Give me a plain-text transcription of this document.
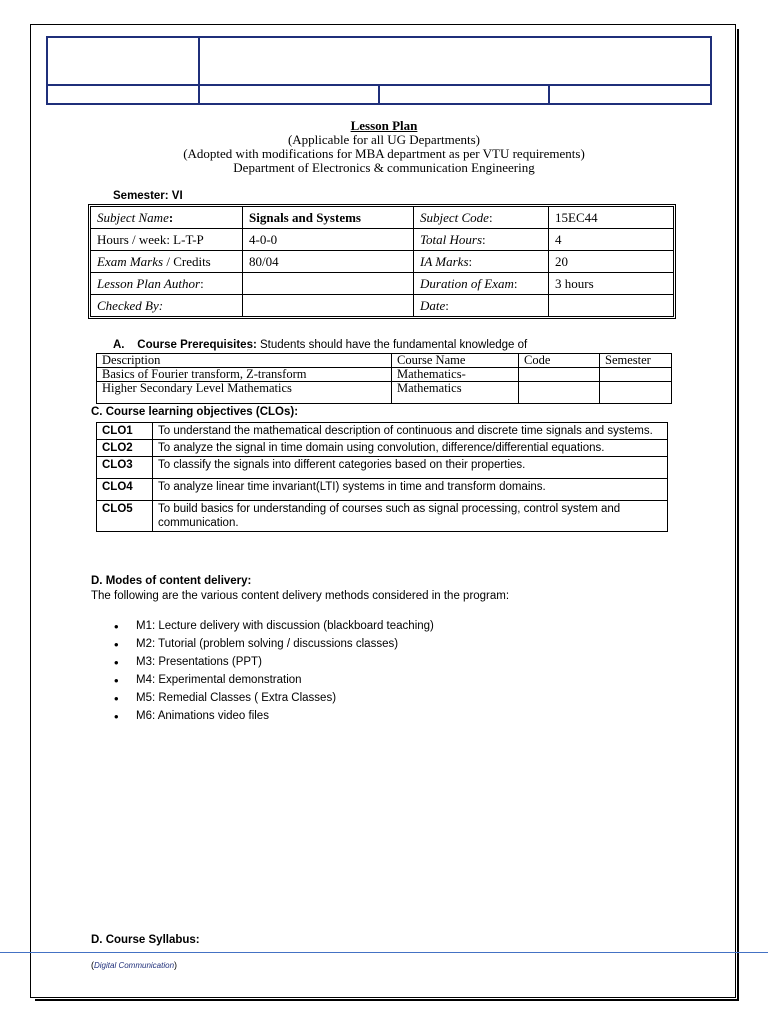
Lesson Plan
(Applicable for all UG Departments)
(Adopted with modifications for MBA department as per VTU requirements)
Department of Electronics & communication Engineering
Semester: VI
Subject Name:	Signals and Systems	Subject Code:	15EC44
Hours / week: L-T-P	4-0-0	Total Hours:	4
Exam Marks / Credits	80/04	IA Marks:	20
Lesson Plan Author:		Duration of Exam:	3 hours
Checked By:		Date:	
A. Course Prerequisites: Students should have the fundamental knowledge of
Description	Course Name	Code	Semester
Basics of Fourier transform, Z-transform	Mathematics-		
Higher Secondary Level Mathematics	Mathematics		
C. Course learning objectives (CLOs):
CLO1	To understand the mathematical description of continuous and discrete time signals and systems.
CLO2	To analyze the signal in time domain using convolution, difference/differential equations.
CLO3	To classify the signals into different categories based on their properties.
CLO4	To analyze linear time invariant(LTI) systems in time and transform domains.
CLO5	To build basics for understanding of courses such as signal processing, control system and communication.
D. Modes of content delivery:
The following are the various content delivery methods considered in the program:
• M1: Lecture delivery with discussion (blackboard teaching)
• M2: Tutorial (problem solving / discussions classes)
• M3: Presentations (PPT)
• M4: Experimental demonstration
• M5: Remedial Classes ( Extra Classes)
• M6: Animations video files
D. Course Syllabus:
(Digital Communication)
